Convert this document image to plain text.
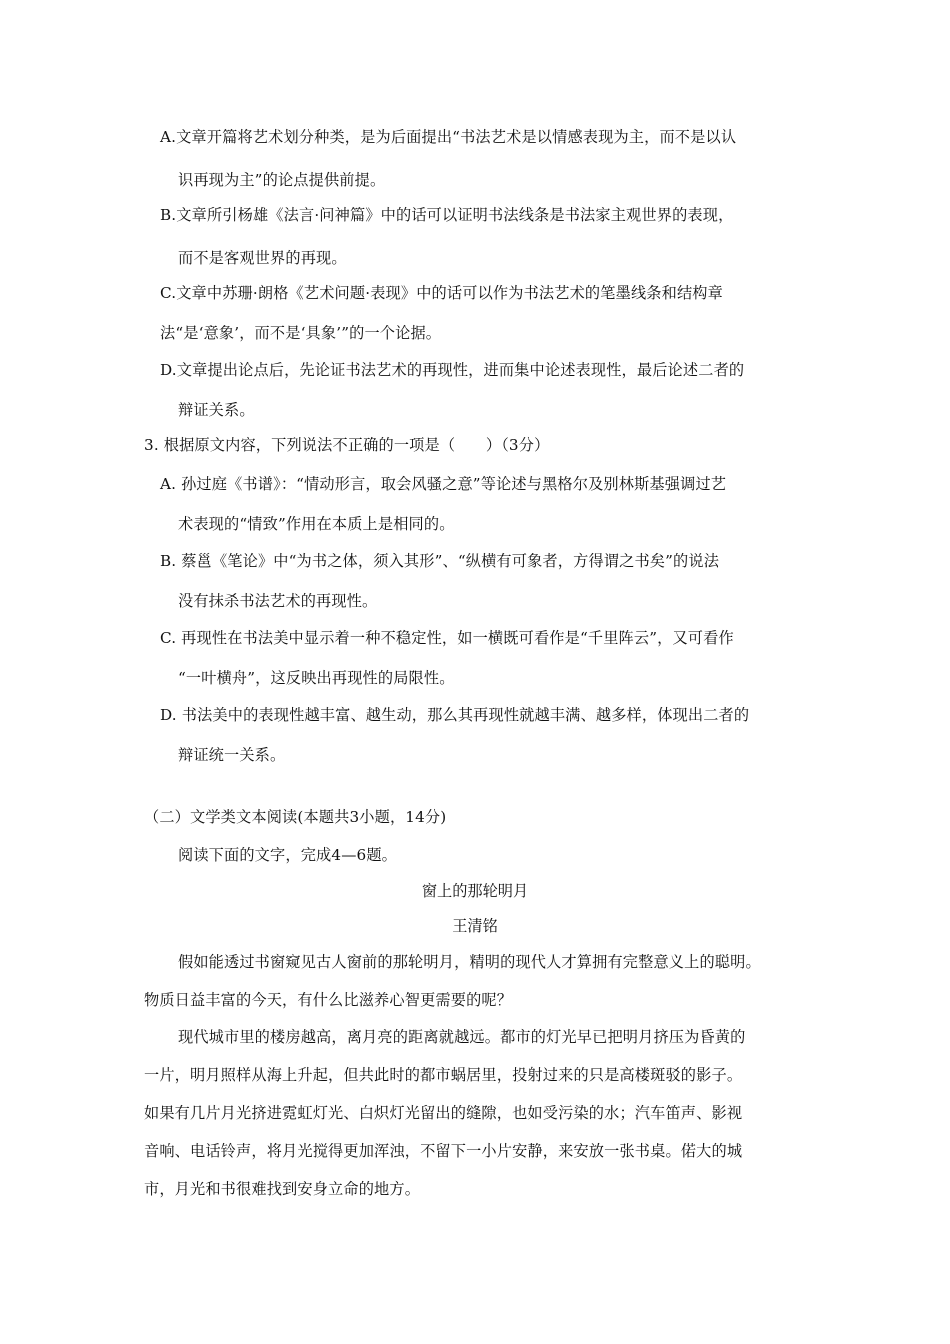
A.文章开篇将艺术划分种类，是为后面提出“书法艺术是以情感表现为主，而不是以认
识再现为主”的论点提供前提。
B.文章所引杨雄《法言·问神篇》中的话可以证明书法线条是书法家主观世界的表现，
而不是客观世界的再现。
C.文章中苏珊·朗格《艺术问题·表现》中的话可以作为书法艺术的笔墨线条和结构章
法“是‘意象’，而不是‘具象’”的一个论据。
D.文章提出论点后，先论证书法艺术的再现性，进而集中论述表现性，最后论述二者的
辩证关系。
3. 根据原文内容，下列说法不正确的一项是（　　）（3分）
A. 孙过庭《书谱》：“情动形言，取会风骚之意”等论述与黑格尔及别林斯基强调过艺
术表现的“情致”作用在本质上是相同的。
B. 蔡邕《笔论》中“为书之体，须入其形”、“纵横有可象者，方得谓之书矣”的说法
没有抹杀书法艺术的再现性。
C. 再现性在书法美中显示着一种不稳定性，如一横既可看作是“千里阵云”，又可看作
“一叶横舟”，这反映出再现性的局限性。
D. 书法美中的表现性越丰富、越生动，那么其再现性就越丰满、越多样，体现出二者的
辩证统一关系。
（二）文学类文本阅读(本题共3小题，14分)
阅读下面的文字，完成4—6题。
窗上的那轮明月
王清铭
假如能透过书窗窥见古人窗前的那轮明月，精明的现代人才算拥有完整意义上的聪明。
物质日益丰富的今天，有什么比滋养心智更需要的呢？
现代城市里的楼房越高，离月亮的距离就越远。都市的灯光早已把明月挤压为昏黄的
一片，明月照样从海上升起，但共此时的都市蜗居里，投射过来的只是高楼斑驳的影子。
如果有几片月光挤进霓虹灯光、白炽灯光留出的缝隙，也如受污染的水；汽车笛声、影视
音响、电话铃声，将月光搅得更加浑浊，不留下一小片安静，来安放一张书桌。偌大的城
市，月光和书很难找到安身立命的地方。
